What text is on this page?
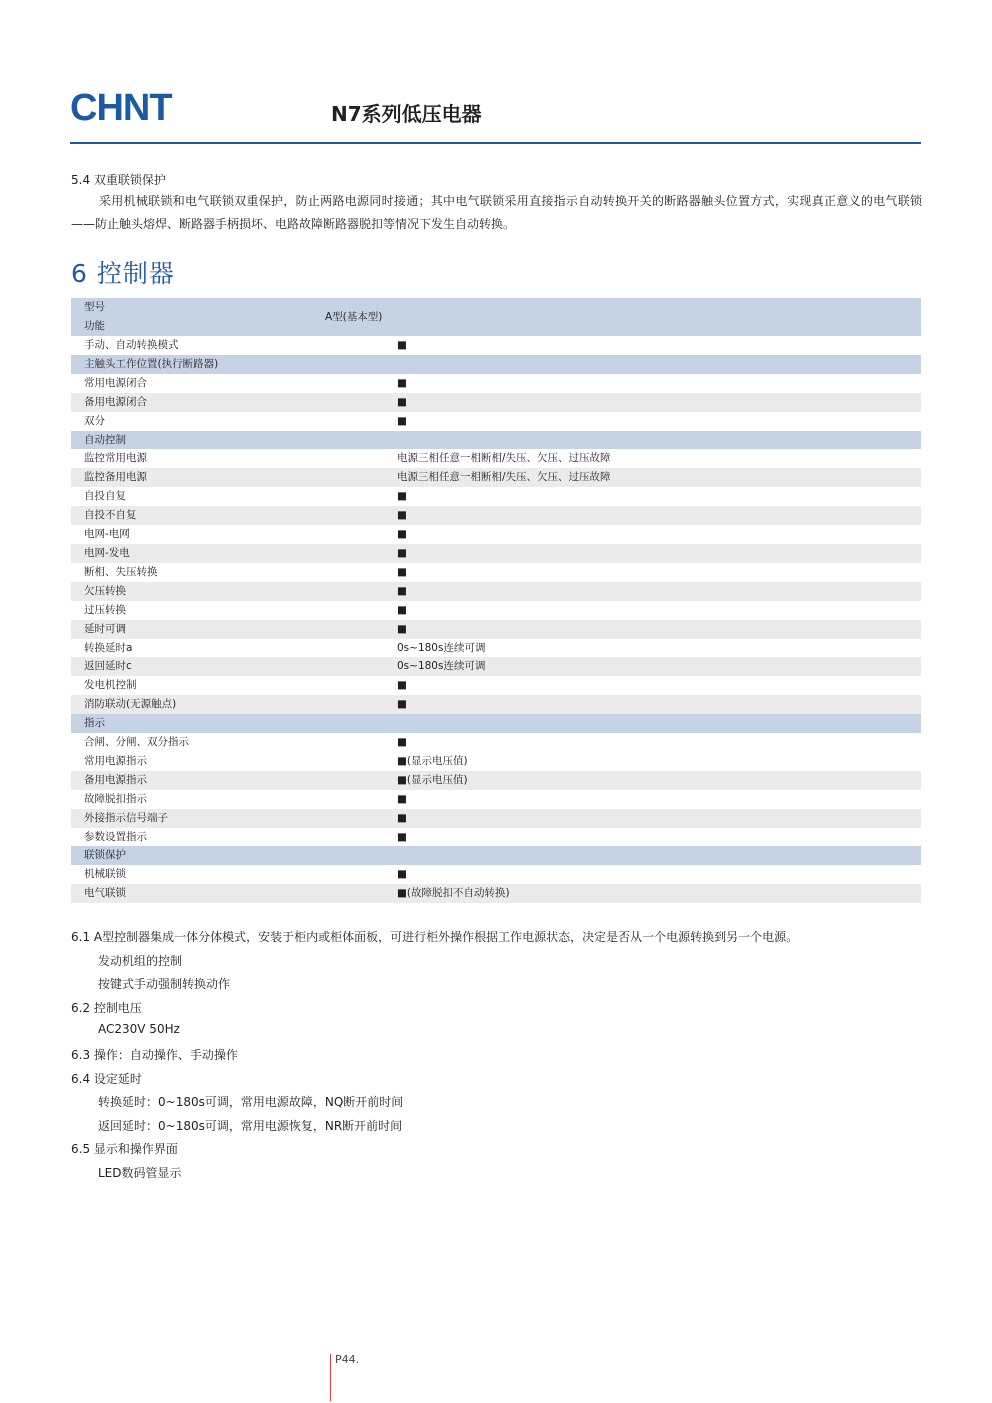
CHNT	N7系列低压电器
5.4 双重联锁保护
采用机械联锁和电气联锁双重保护，防止两路电源同时接通；其中电气联锁采用直接指示自动转换开关的断路器触头位置方式，实现真正意义的电气联锁——防止触头熔焊、断路器手柄损坏、电路故障断路器脱扣等情况下发生自动转换。
6 控制器
型号
功能	A型(基本型)
手动、自动转换模式	■
主触头工作位置(执行断路器)	
常用电源闭合	■
备用电源闭合	■
双分	■
自动控制	
监控常用电源	电源三相任意一相断相/失压、欠压、过压故障
监控备用电源	电源三相任意一相断相/失压、欠压、过压故障
自投自复	■
自投不自复	■
电网-电网	■
电网-发电	■
断相、失压转换	■
欠压转换	■
过压转换	■
延时可调	■
转换延时a	0s~180s连续可调
返回延时c	0s~180s连续可调
发电机控制	■
消防联动(无源触点)	■
指示	
合闸、分闸、双分指示	■
常用电源指示	■(显示电压值)
备用电源指示	■(显示电压值)
故障脱扣指示	■
外接指示信号端子	■
参数设置指示	■
联锁保护	
机械联锁	■
电气联锁	■(故障脱扣不自动转换)
6.1 A型控制器集成一体分体模式，安装于柜内或柜体面板，可进行柜外操作根据工作电源状态，决定是否从一个电源转换到另一个电源。
发动机组的控制
按键式手动强制转换动作
6.2 控制电压
AC230V 50Hz
6.3 操作：自动操作、手动操作
6.4 设定延时
转换延时：0~180s可调，常用电源故障，NQ断开前时间
返回延时：0~180s可调，常用电源恢复，NR断开前时间
6.5 显示和操作界面
LED数码管显示
P44.
